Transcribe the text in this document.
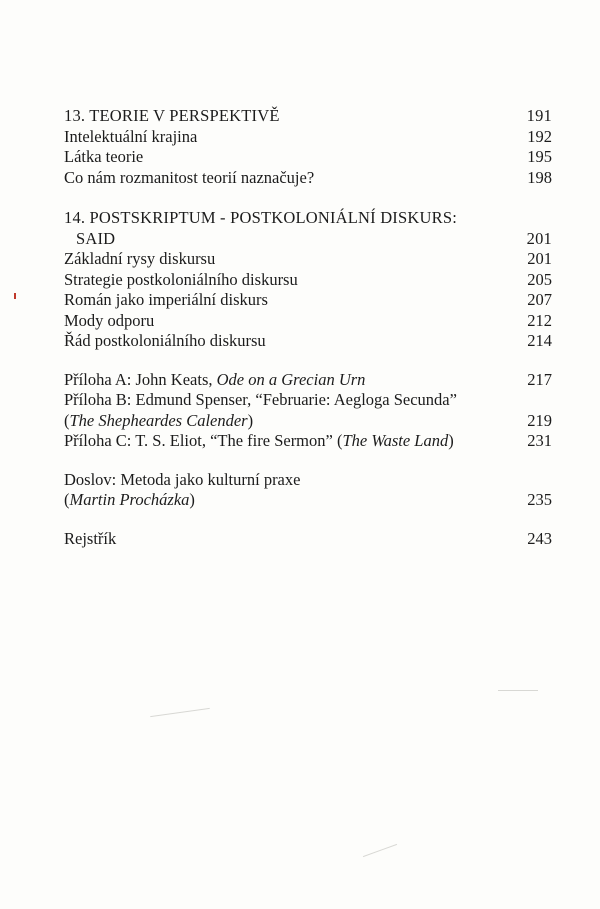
13. TEORIE V PERSPEKTIVĚ	191
Intelektuální krajina	192
Látka teorie	195
Co nám rozmanitost teorií naznačuje?	198
14. POSTSKRIPTUM - POSTKOLONIÁLNÍ DISKURS:
SAID	201
Základní rysy diskursu	201
Strategie postkoloniálního diskursu	205
Román jako imperiální diskurs	207
Mody odporu	212
Řád postkoloniálního diskursu	214
Příloha A: John Keats, Ode on a Grecian Urn	217
Příloha B: Edmund Spenser, “Februarie: Aegloga Secunda”
(The Shepheardes Calender)	219
Příloha C: T. S. Eliot, “The fire Sermon” (The Waste Land)	231
Doslov: Metoda jako kulturní praxe
(Martin Procházka)	235
Rejstřík	243
